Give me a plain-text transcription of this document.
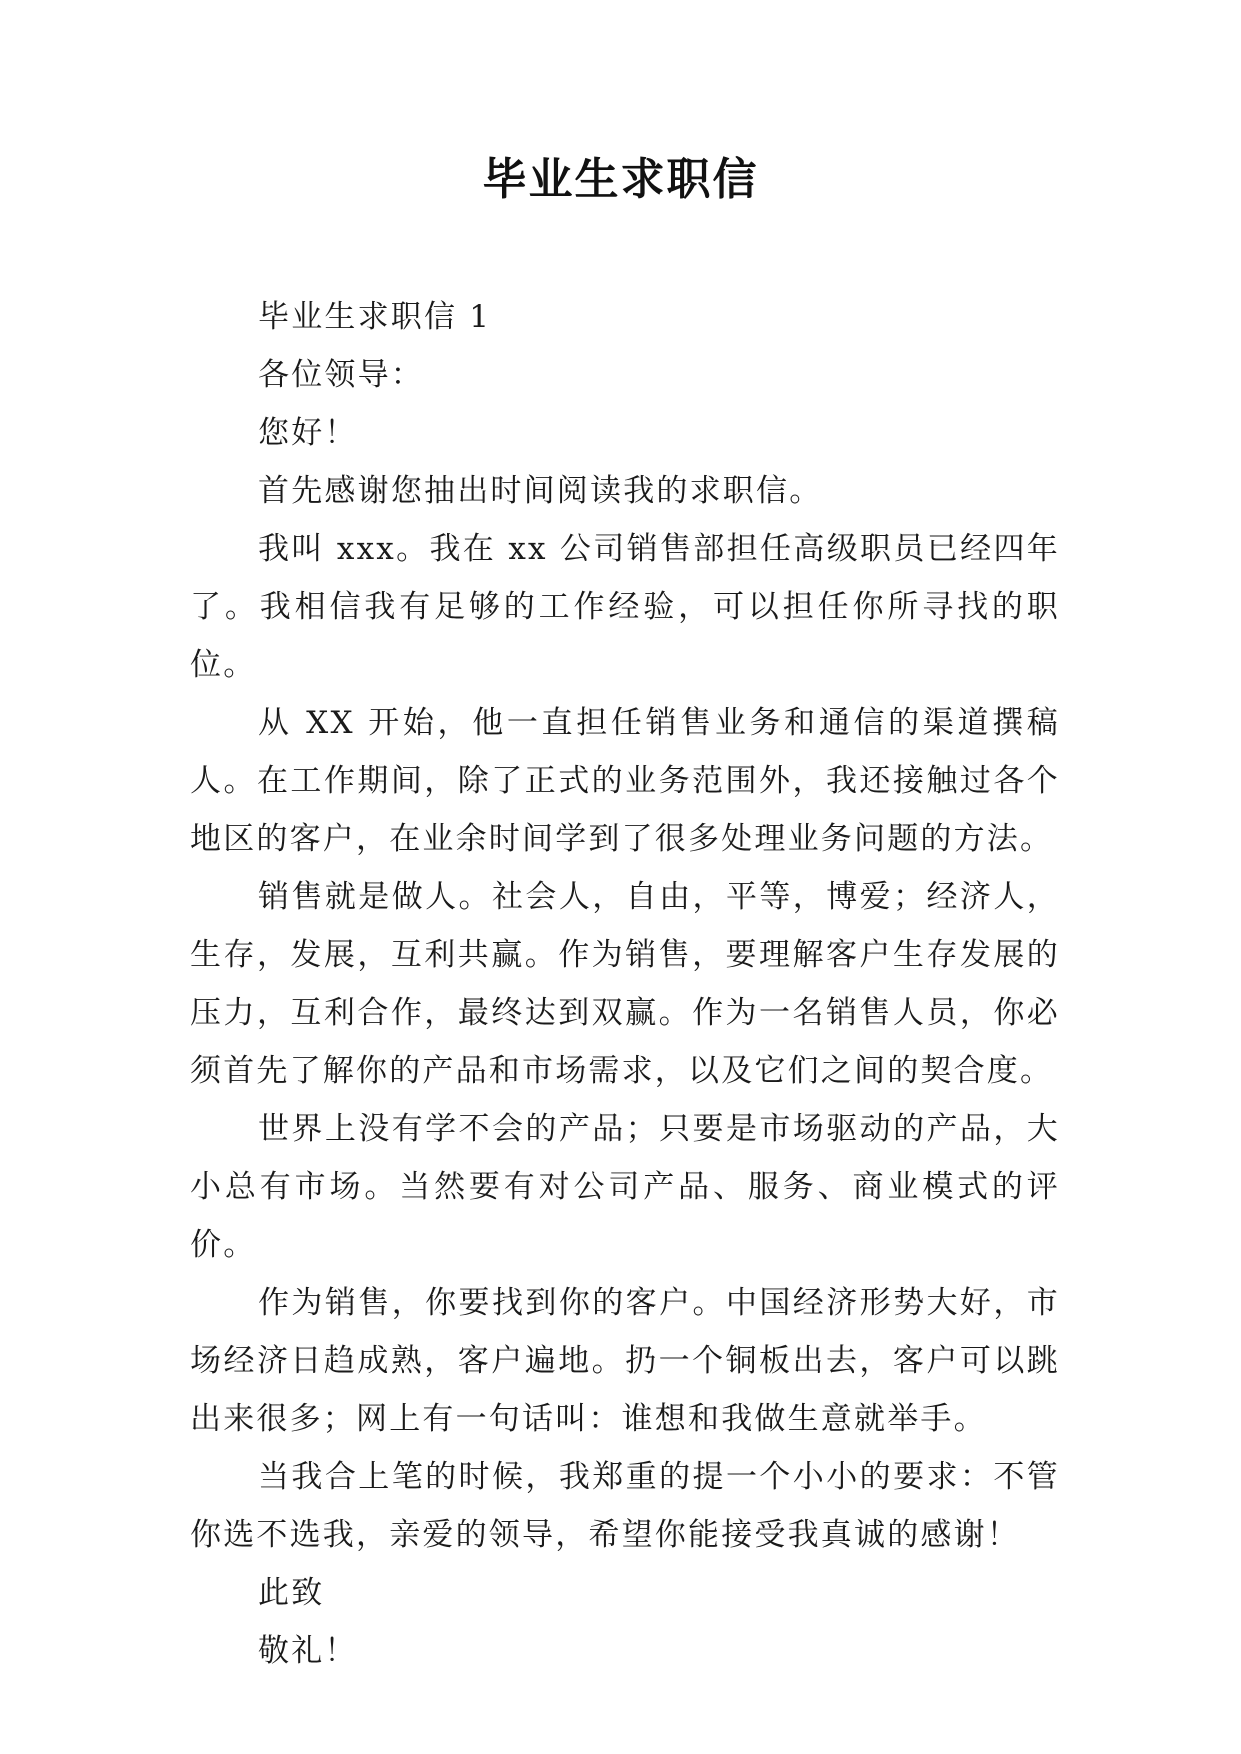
毕业生求职信

毕业生求职信 1

各位领导：

您好！

首先感谢您抽出时间阅读我的求职信。

我叫 xxx。我在 xx 公司销售部担任高级职员已经四年了。我相信我有足够的工作经验，可以担任你所寻找的职位。

从 XX 开始，他一直担任销售业务和通信的渠道撰稿人。在工作期间，除了正式的业务范围外，我还接触过各个地区的客户，在业余时间学到了很多处理业务问题的方法。

销售就是做人。社会人，自由，平等，博爱；经济人，生存，发展，互利共赢。作为销售，要理解客户生存发展的压力，互利合作，最终达到双赢。作为一名销售人员，你必须首先了解你的产品和市场需求，以及它们之间的契合度。

世界上没有学不会的产品；只要是市场驱动的产品，大小总有市场。当然要有对公司产品、服务、商业模式的评价。

作为销售，你要找到你的客户。中国经济形势大好，市场经济日趋成熟，客户遍地。扔一个铜板出去，客户可以跳出来很多；网上有一句话叫：谁想和我做生意就举手。

当我合上笔的时候，我郑重的提一个小小的要求：不管你选不选我，亲爱的领导，希望你能接受我真诚的感谢！

此致

敬礼！
